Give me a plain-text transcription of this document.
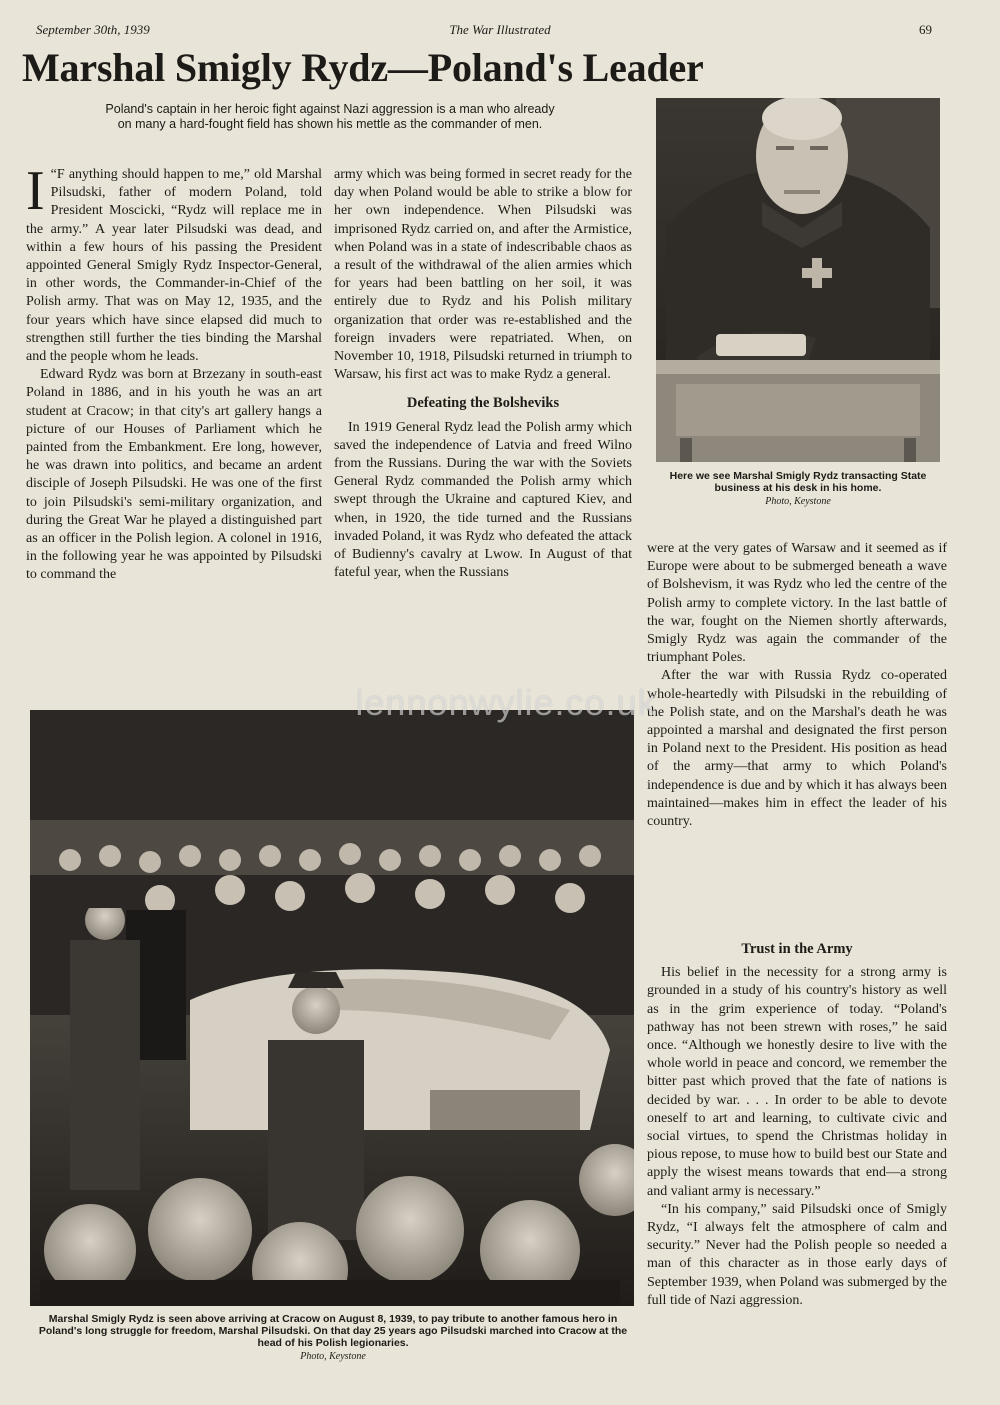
September 30th, 1939	The War Illustrated	69
Marshal Smigly Rydz—Poland's Leader
Poland's captain in her heroic fight against Nazi aggression is a man who already on many a hard-fought field has shown his mettle as the commander of men.

I “F anything should happen to me,” old Marshal Pilsudski, father of modern Poland, told President Moscicki, “Rydz will replace me in the army.” A year later Pilsudski was dead, and within a few hours of his passing the President appointed General Smigly Rydz Inspector-General, in other words, the Commander-in-Chief of the Polish army. That was on May 12, 1935, and the four years which have since elapsed did much to strengthen still further the ties binding the Marshal and the people whom he leads.

Edward Rydz was born at Brzezany in south-east Poland in 1886, and in his youth he was an art student at Cracow; in that city's art gallery hangs a picture of our Houses of Parliament which he painted from the Embankment. Ere long, however, he was drawn into politics, and became an ardent disciple of Joseph Pilsudski. He was one of the first to join Pilsudski's semi-military organization, and during the Great War he played a distinguished part as an officer in the Polish legion. A colonel in 1916, in the following year he was appointed by Pilsudski to command the

army which was being formed in secret ready for the day when Poland would be able to strike a blow for her own independence. When Pilsudski was imprisoned Rydz carried on, and after the Armistice, when Poland was in a state of indescribable chaos as a result of the withdrawal of the alien armies which for years had been battling on her soil, it was entirely due to Rydz and his Polish military organization that order was re-established and the foreign invaders were repatriated. When, on November 10, 1918, Pilsudski returned in triumph to Warsaw, his first act was to make Rydz a general.

Defeating the Bolsheviks

In 1919 General Rydz lead the Polish army which saved the independence of Latvia and freed Wilno from the Russians. During the war with the Soviets General Rydz commanded the Polish army which swept through the Ukraine and captured Kiev, and when, in 1920, the tide turned and the Russians invaded Poland, it was Rydz who defeated the attack of Budienny's cavalry at Lwow. In August of that fateful year, when the Russians

Here we see Marshal Smigly Rydz transacting State business at his desk in his home.
Photo, Keystone

were at the very gates of Warsaw and it seemed as if Europe were about to be submerged beneath a wave of Bolshevism, it was Rydz who led the centre of the Polish army to complete victory. In the last battle of the war, fought on the Niemen shortly afterwards, Smigly Rydz was again the commander of the triumphant Poles.

After the war with Russia Rydz co-operated whole-heartedly with Pilsudski in the rebuilding of the Polish state, and on the Marshal's death he was appointed a marshal and designated the first person in Poland next to the President. His position as head of the army—that army to which Poland's independence is due and by which it has always been maintained—makes him in effect the leader of his country.

Trust in the Army

His belief in the necessity for a strong army is grounded in a study of his country's history as well as in the grim experience of today. “Poland's pathway has not been strewn with roses,” he said once. “Although we honestly desire to live with the whole world in peace and concord, we remember the bitter past which proved that the fate of nations is decided by war. . . . In order to be able to devote oneself to art and learning, to cultivate civic and social virtues, to spend the Christmas holiday in pious repose, to muse how to build best our State and apply the wisest means towards that end—a strong and valiant army is necessary.”

“In his company,” said Pilsudski once of Smigly Rydz, “I always felt the atmosphere of calm and security.” Never had the Polish people so needed a man of this character as in those early days of September 1939, when Poland was submerged by the full tide of Nazi aggression.

Marshal Smigly Rydz is seen above arriving at Cracow on August 8, 1939, to pay tribute to another famous hero in Poland's long struggle for freedom, Marshal Pilsudski. On that day 25 years ago Pilsudski marched into Cracow at the head of his Polish legionaries.
Photo, Keystone
lennonwylie.co.uk
